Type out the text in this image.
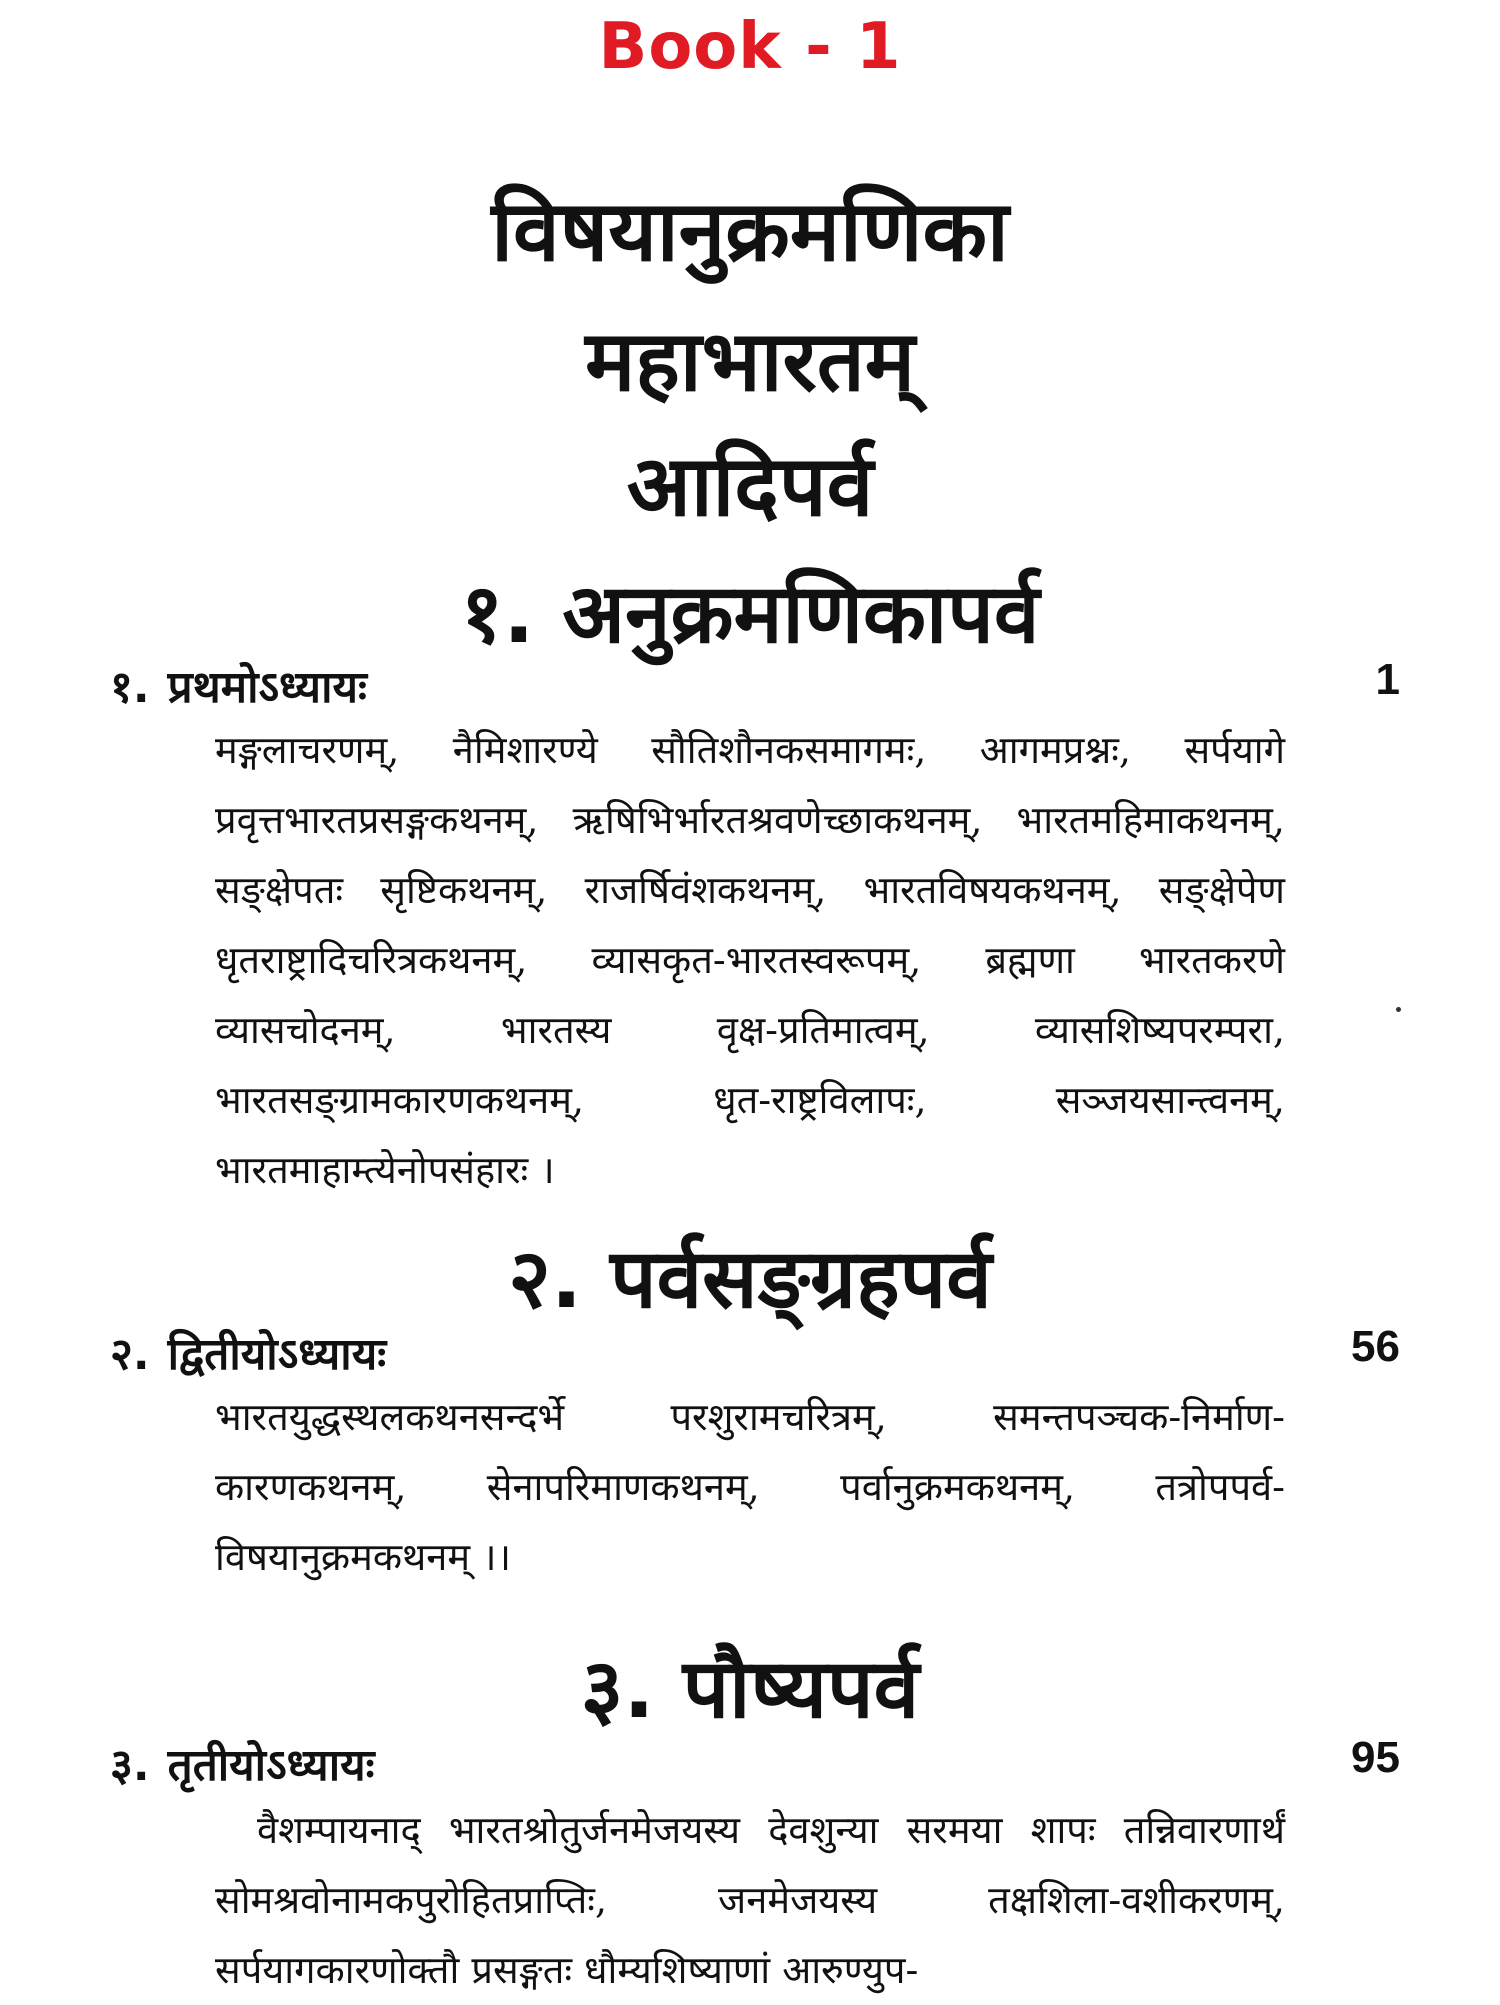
Book - 1
विषयानुक्रमणिका
महाभारतम्
आदिपर्व
१. अनुक्रमणिकापर्व
१. प्रथमोऽध्यायः	1
मङ्गलाचरणम्, नैमिशारण्ये सौतिशौनकसमागमः, आगमप्रश्नः, सर्पयागे प्रवृत्तभारतप्रसङ्गकथनम्, ऋषिभिर्भारतश्रवणेच्छाकथनम्, भारतमहिमाकथनम्, सङ्क्षेपतः सृष्टिकथनम्, राजर्षिवंशकथनम्, भारतविषयकथनम्, सङ्क्षेपेण धृतराष्ट्रादिचरित्रकथनम्, व्यासकृत-भारतस्वरूपम्, ब्रह्मणा भारतकरणे व्यासचोदनम्, भारतस्य वृक्ष-प्रतिमात्वम्, व्यासशिष्यपरम्परा, भारतसङ्ग्रामकारणकथनम्, धृत-राष्ट्रविलापः, सञ्जयसान्त्वनम्, भारतमाहाम्त्येनोपसंहारः ।
२. पर्वसङ्ग्रहपर्व
२. द्वितीयोऽध्यायः	56
भारतयुद्धस्थलकथनसन्दर्भे परशुरामचरित्रम्, समन्तपञ्चक-निर्माण-कारणकथनम्, सेनापरिमाणकथनम्, पर्वानुक्रमकथनम्, तत्रोपपर्व-विषयानुक्रमकथनम् ।।
३. पौष्यपर्व
३. तृतीयोऽध्यायः	95
वैशम्पायनाद् भारतश्रोतुर्जनमेजयस्य देवशुन्या सरमया शापः तन्निवारणार्थं सोमश्रवोनामकपुरोहितप्राप्तिः, जनमेजयस्य तक्षशिला-वशीकरणम्, सर्पयागकारणोक्तौ प्रसङ्गतः धौम्यशिष्याणां आरुण्युप-
